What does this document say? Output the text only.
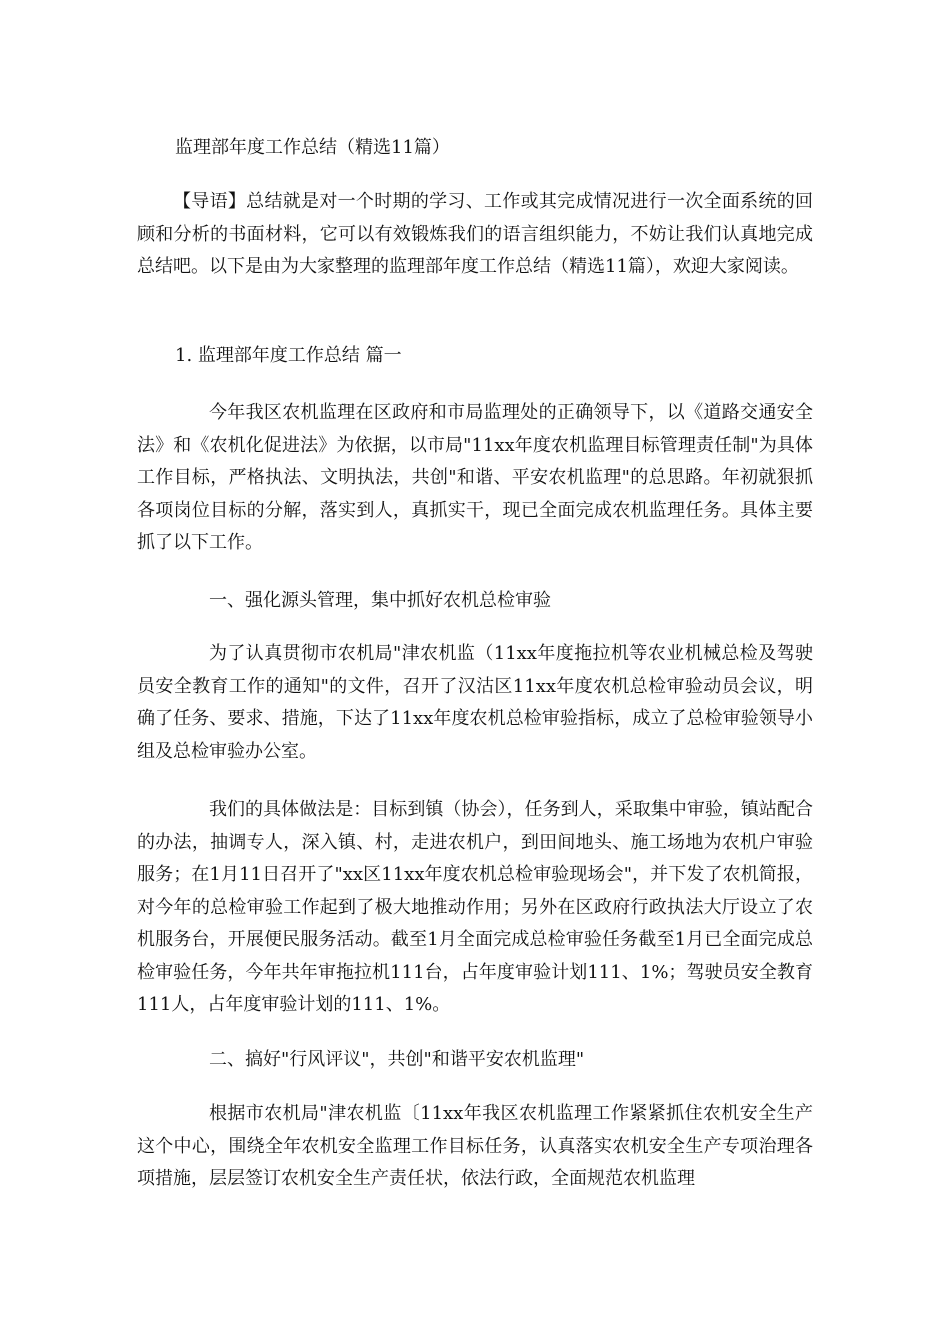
监理部年度工作总结（精选11篇）

【导语】总结就是对一个时期的学习、工作或其完成情况进行一次全面系统的回顾和分析的书面材料，它可以有效锻炼我们的语言组织能力，不妨让我们认真地完成总结吧。以下是由为大家整理的监理部年度工作总结（精选11篇），欢迎大家阅读。

1. 监理部年度工作总结 篇一

今年我区农机监理在区政府和市局监理处的正确领导下，以《道路交通安全法》和《农机化促进法》为依据，以市局"11xx年度农机监理目标管理责任制"为具体工作目标，严格执法、文明执法，共创"和谐、平安农机监理"的总思路。年初就狠抓各项岗位目标的分解，落实到人，真抓实干，现已全面完成农机监理任务。具体主要抓了以下工作。

一、强化源头管理，集中抓好农机总检审验

为了认真贯彻市农机局"津农机监（11xx年度拖拉机等农业机械总检及驾驶员安全教育工作的通知"的文件，召开了汉沽区11xx年度农机总检审验动员会议，明确了任务、要求、措施，下达了11xx年度农机总检审验指标，成立了总检审验领导小组及总检审验办公室。

我们的具体做法是：目标到镇（协会），任务到人，采取集中审验，镇站配合的办法，抽调专人，深入镇、村，走进农机户，到田间地头、施工场地为农机户审验服务；在1月11日召开了"xx区11xx年度农机总检审验现场会"，并下发了农机简报，对今年的总检审验工作起到了极大地推动作用；另外在区政府行政执法大厅设立了农机服务台，开展便民服务活动。截至1月全面完成总检审验任务截至1月已全面完成总检审验任务，今年共年审拖拉机111台，占年度审验计划111、1%；驾驶员安全教育111人，占年度审验计划的111、1%。

二、搞好"行风评议"，共创"和谐平安农机监理"

根据市农机局"津农机监〔11xx年我区农机监理工作紧紧抓住农机安全生产这个中心，围绕全年农机安全监理工作目标任务，认真落实农机安全生产专项治理各项措施，层层签订农机安全生产责任状，依法行政，全面规范农机监理
